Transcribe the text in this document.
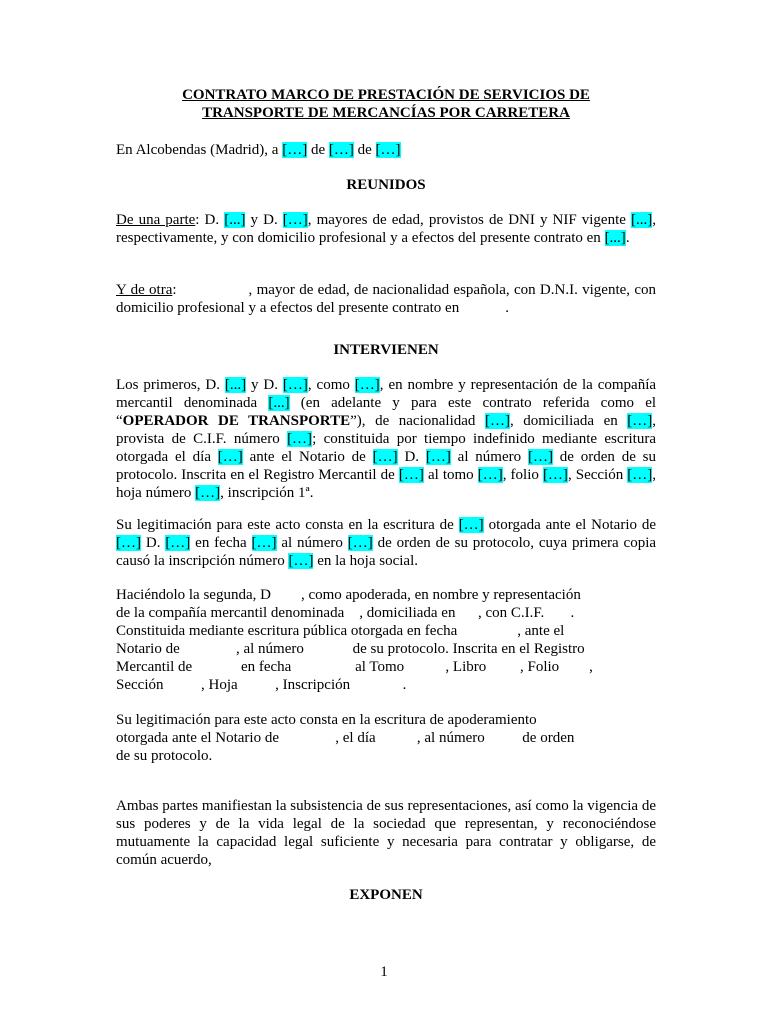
CONTRATO MARCO DE PRESTACIÓN DE SERVICIOS DE
TRANSPORTE DE MERCANCÍAS POR CARRETERA
En Alcobendas (Madrid), a […] de […] de […]
REUNIDOS
De una parte: D. [...] y D. […], mayores de edad, provistos de DNI y NIF vigente [...], respectivamente, y con domicilio profesional y a efectos del presente contrato en [...].
Y de otra:	, mayor de edad, de nacionalidad española, con D.N.I. vigente, con domicilio profesional y a efectos del presente contrato en	.
INTERVIENEN
Los primeros, D. [...] y D. […], como […], en nombre y representación de la compañía mercantil denominada [...] (en adelante y para este contrato referida como el “OPERADOR DE TRANSPORTE”), de nacionalidad […], domiciliada en […], provista de C.I.F. número […]; constituida por tiempo indefinido mediante escritura otorgada el día […] ante el Notario de […] D. […] al número […] de orden de su protocolo. Inscrita en el Registro Mercantil de […] al tomo […], folio […], Sección […], hoja número […], inscripción 1ª.
Su legitimación para este acto consta en la escritura de […] otorgada ante el Notario de […] D. […] en fecha […] al número […] de orden de su protocolo, cuya primera copia causó la inscripción número […] en la hoja social.
Haciéndolo la segunda, D        , como apoderada, en nombre y representación
de la compañía mercantil denominada    , domiciliada en      , con C.I.F.       .
Constituida mediante escritura pública otorgada en fecha                , ante el
Notario de               , al número             de su protocolo. Inscrita en el Registro
Mercantil de             en fecha                 al Tomo           , Libro         , Folio        ,
Sección          , Hoja          , Inscripción              .
Su legitimación para este acto consta en la escritura de apoderamiento
otorgada ante el Notario de               , el día           , al número          de orden
de su protocolo.
Ambas partes manifiestan la subsistencia de sus representaciones, así como la vigencia de sus poderes y de la vida legal de la sociedad que representan, y reconociéndose mutuamente la capacidad legal suficiente y necesaria para contratar y obligarse, de común acuerdo,
EXPONEN
1
